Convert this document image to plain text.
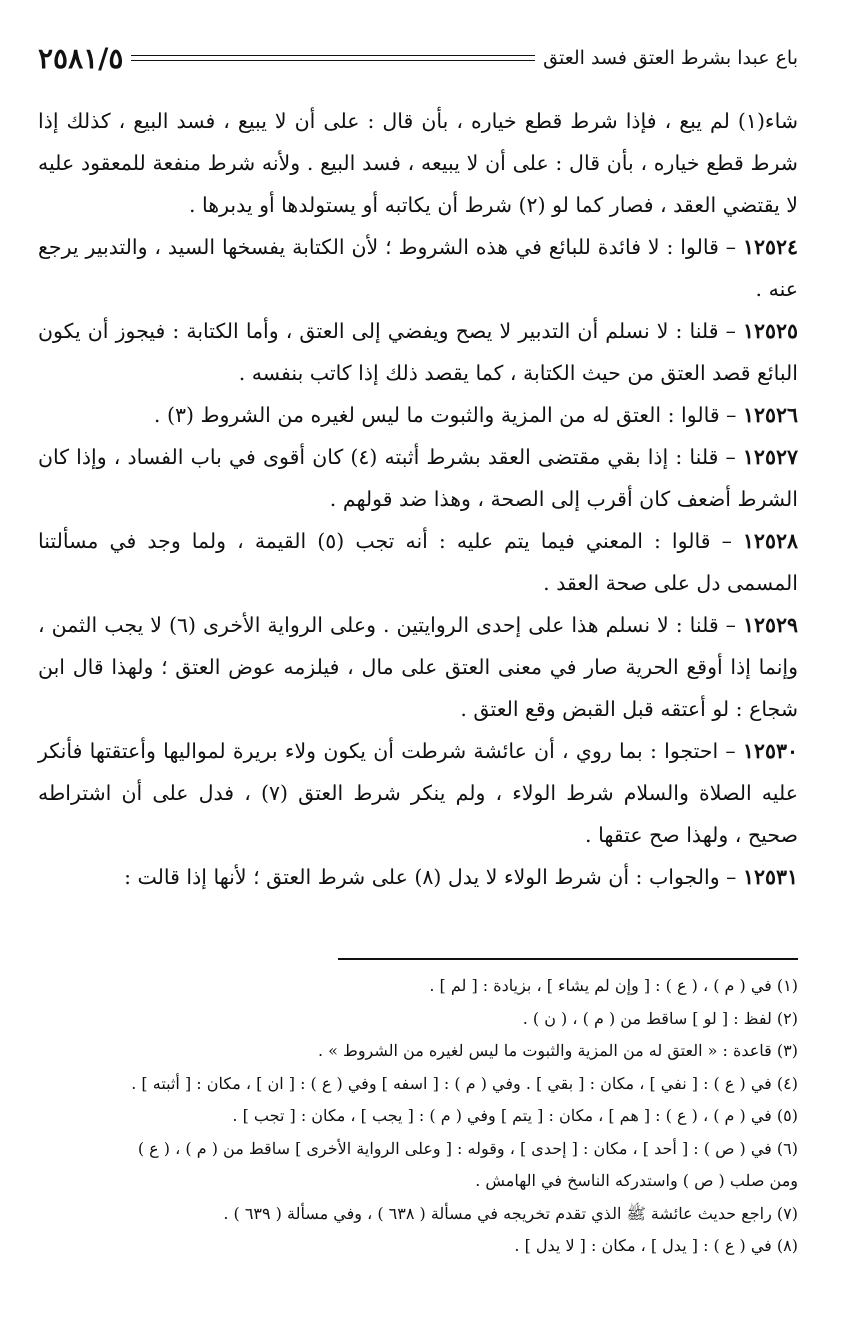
٢٥٨١/٥	باع عبدا بشرط العتق فسد العتق

شاء(١) لم يبع ، فإذا شرط قطع خياره ، بأن قال : على أن لا يبيع ، فسد البيع ، كذلك إذا شرط قطع خياره ، بأن قال : على أن لا يبيعه ، فسد البيع . ولأنه شرط منفعة للمعقود عليه لا يقتضي العقد ، فصار كما لو (٢) شرط أن يكاتبه أو يستولدها أو يدبرها .

١٢٥٢٤ – قالوا : لا فائدة للبائع في هذه الشروط ؛ لأن الكتابة يفسخها السيد ، والتدبير يرجع عنه .

١٢٥٢٥ – قلنا : لا نسلم أن التدبير لا يصح ويفضي إلى العتق ، وأما الكتابة : فيجوز أن يكون البائع قصد العتق من حيث الكتابة ، كما يقصد ذلك إذا كاتب بنفسه .

١٢٥٢٦ – قالوا : العتق له من المزية والثبوت ما ليس لغيره من الشروط (٣) .

١٢٥٢٧ – قلنا : إذا بقي مقتضى العقد بشرط أثبته (٤) كان أقوى في باب الفساد ، وإذا كان الشرط أضعف كان أقرب إلى الصحة ، وهذا ضد قولهم .

١٢٥٢٨ – قالوا : المعني فيما يتم عليه : أنه تجب (٥) القيمة ، ولما وجد في مسألتنا المسمى دل على صحة العقد .

١٢٥٢٩ – قلنا : لا نسلم هذا على إحدى الروايتين . وعلى الرواية الأخرى (٦) لا يجب الثمن ، وإنما إذا أوقع الحرية صار في معنى العتق على مال ، فيلزمه عوض العتق ؛ ولهذا قال ابن شجاع : لو أعتقه قبل القبض وقع العتق .

١٢٥٣٠ – احتجوا : بما روي ، أن عائشة شرطت أن يكون ولاء بريرة لمواليها وأعتقتها فأنكر عليه الصلاة والسلام شرط الولاء ، ولم ينكر شرط العتق (٧) ، فدل على أن اشتراطه صحيح ، ولهذا صح عتقها .

١٢٥٣١ – والجواب : أن شرط الولاء لا يدل (٨) على شرط العتق ؛ لأنها إذا قالت :

(١) في ( م ) ، ( ع ) : [ وإن لم يشاء ] ، بزيادة : [ لم ] .

(٢) لفظ : [ لو ] ساقط من ( م ) ، ( ن ) .

(٣) قاعدة : « العتق له من المزية والثبوت ما ليس لغيره من الشروط » .

(٤) في ( ع ) : [ نفي ] ، مكان : [ بقي ] . وفي ( م ) : [ اسفه ] وفي ( ع ) : [ ان ] ، مكان : [ أثبته ] .

(٥) في ( م ) ، ( ع ) : [ هم ] ، مكان : [ يتم ] وفي ( م ) : [ يجب ] ، مكان : [ تجب ] .

(٦) في ( ص ) : [ أحد ] ، مكان : [ إحدى ] ، وقوله : [ وعلى الرواية الأخرى ] ساقط من ( م ) ، ( ع )

ومن صلب ( ص ) واستدركه الناسخ في الهامش .

(٧) راجع حديث عائشة ﷺ الذي تقدم تخريجه في مسألة ( ٦٣٨ ) ، وفي مسألة ( ٦٣٩ ) .

(٨) في ( ع ) : [ يدل ] ، مكان : [ لا يدل ] .
